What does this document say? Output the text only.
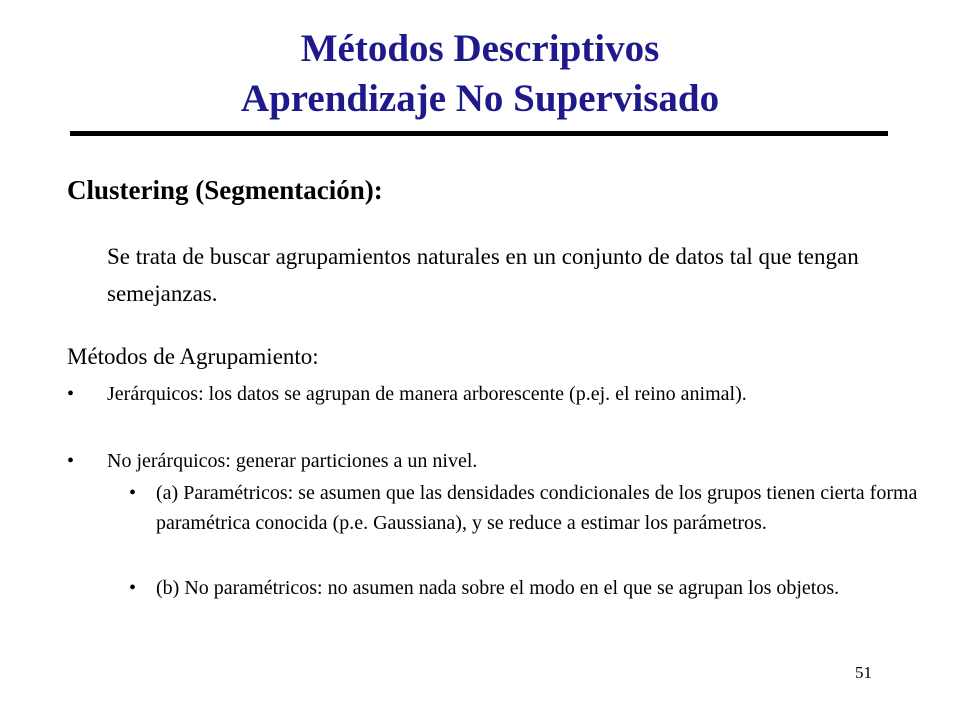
Métodos Descriptivos
Aprendizaje No Supervisado
Clustering (Segmentación):

Se trata de buscar agrupamientos naturales en un conjunto de datos tal que tengan semejanzas.

Métodos de Agrupamiento:

• Jerárquicos: los datos se agrupan de manera arborescente (p.ej. el reino animal).
• No jerárquicos: generar particiones a un nivel.
• (a) Paramétricos: se asumen que las densidades condicionales de los grupos tienen cierta forma paramétrica conocida (p.e. Gaussiana), y se reduce a estimar los parámetros.
• (b) No paramétricos: no asumen nada sobre el modo en el que se agrupan los objetos.
51
